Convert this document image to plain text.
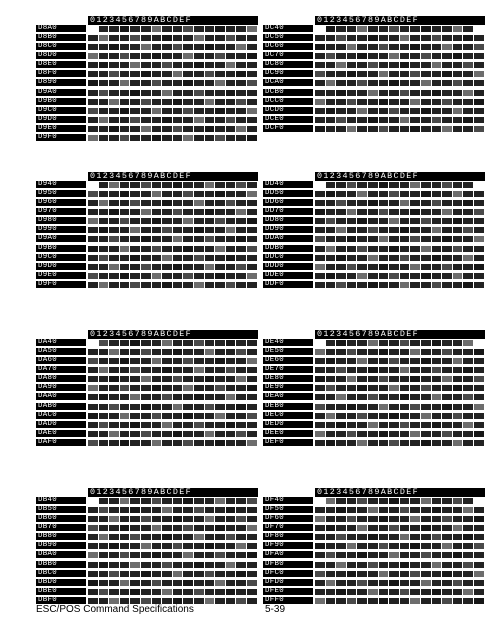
0123456789ABCDEF
D8A0
D8B0
D8C0
D8D0
D8E0
D8F0
D890
D9A0
D9B0
D9C0
D9D0
D9E0
D9F0
0123456789ABCDEF
DC40
DC50
DC60
DC70
DC80
DC90
DCA0
DCB0
DCC0
DCD0
DCE0
DCF0
0123456789ABCDEF
D940
D950
D960
D970
D980
D990
D9A0
D9B0
D9C0
D9D0
D9E0
D9F0
0123456789ABCDEF
DD40
DD50
DD60
DD70
DD80
DD90
DDA0
DDB0
DDC0
DDD0
DDE0
DDF0
0123456789ABCDEF
DA40
DA50
DA60
DA70
DA80
DA90
DAA0
DAB0
DAC0
DAD0
DAE0
DAF0
0123456789ABCDEF
DE40
DE50
DE60
DE70
DE80
DE90
DEA0
DEB0
DEC0
DED0
DEE0
DEF0
0123456789ABCDEF
DB40
DB50
DB60
DB70
DB80
DB90
DBA0
DBB0
DBC0
DBD0
DBE0
DBF0
0123456789ABCDEF
DF40
DF50
DF60
DF70
DF80
DF90
DFA0
DFB0
DFC0
DFD0
DFE0
DFF0
ESC/POS Command Specifications	5-39
